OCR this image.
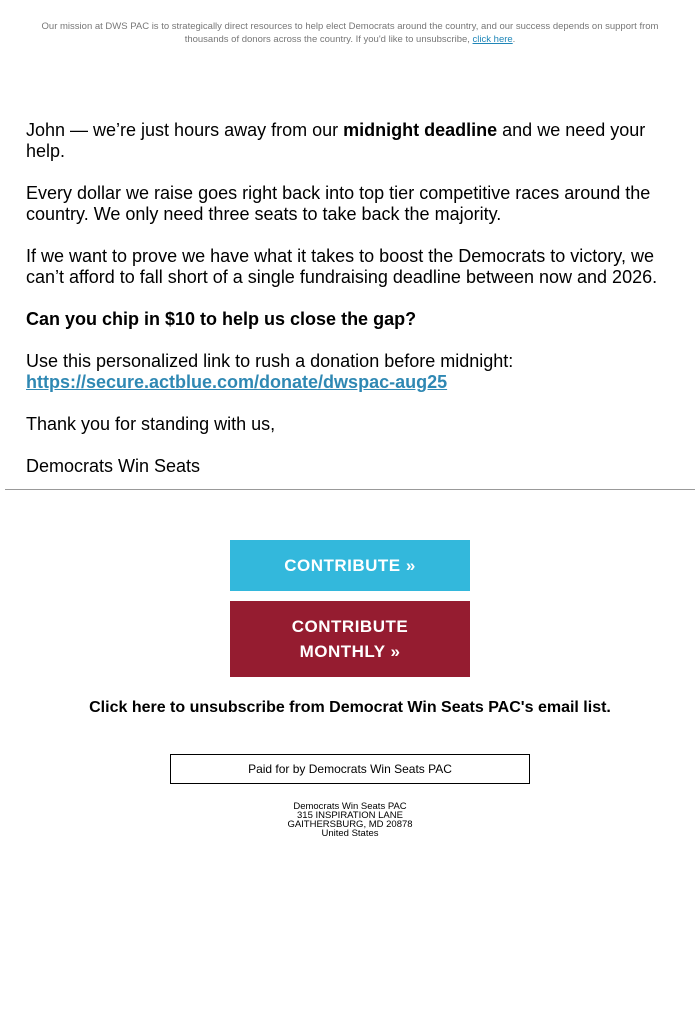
Our mission at DWS PAC is to strategically direct resources to help elect Democrats around the country, and our success depends on support from thousands of donors across the country. If you'd like to unsubscribe, click here.

John — we’re just hours away from our midnight deadline and we need your help.

Every dollar we raise goes right back into top tier competitive races around the country. We only need three seats to take back the majority.

If we want to prove we have what it takes to boost the Democrats to victory, we can’t afford to fall short of a single fundraising deadline between now and 2026.

Can you chip in $10 to help us close the gap?

Use this personalized link to rush a donation before midnight:
https://secure.actblue.com/donate/dwspac-aug25

Thank you for standing with us,

Democrats Win Seats

CONTRIBUTE »
CONTRIBUTE
MONTHLY »
Click here to unsubscribe from Democrat Win Seats PAC's email list.
Paid for by Democrats Win Seats PAC
Democrats Win Seats PAC
315 INSPIRATION LANE
GAITHERSBURG, MD 20878
United States
